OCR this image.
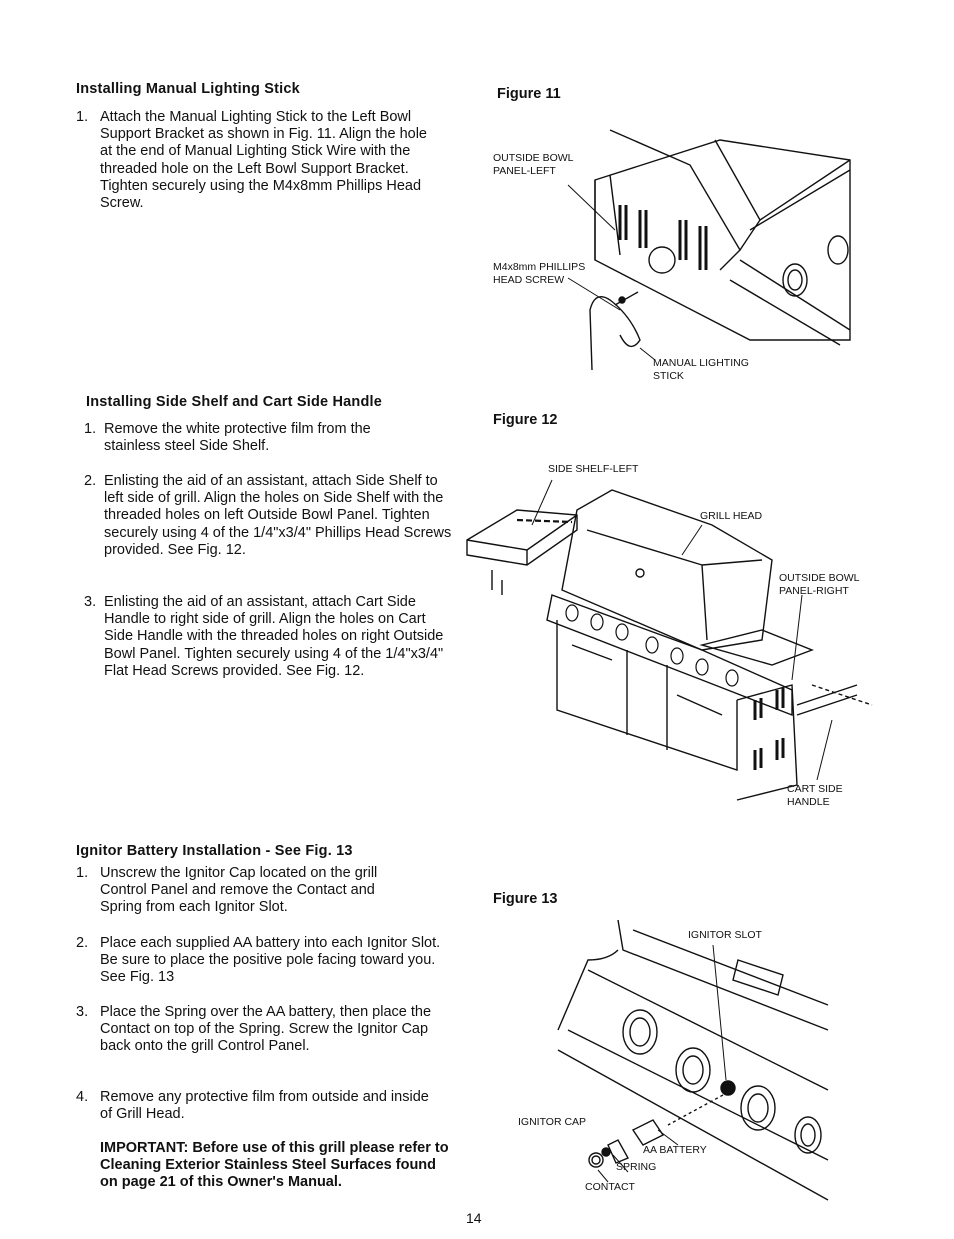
Installing Manual Lighting Stick
1. Attach the Manual Lighting Stick to the Left Bowl Support Bracket as shown in Fig. 11. Align the hole at the end of Manual Lighting Stick Wire with the threaded hole on the Left Bowl Support Bracket. Tighten securely using the M4x8mm Phillips Head Screw.
Installing Side Shelf and Cart Side Handle
1. Remove the white protective film from the stainless steel Side Shelf.
2. Enlisting the aid of an assistant, attach Side Shelf to left side of grill. Align the holes on Side Shelf with the threaded holes on left Outside Bowl Panel. Tighten securely using 4 of the 1/4"x3/4" Phillips Head Screws provided. See Fig. 12.
3. Enlisting the aid of an assistant, attach Cart Side Handle to right side of grill. Align the holes on Cart Side Handle with the threaded holes on right Outside Bowl Panel. Tighten securely using 4 of the 1/4"x3/4" Flat Head Screws provided. See Fig. 12.
Ignitor Battery Installation - See Fig. 13
1. Unscrew the Ignitor Cap located on the grill Control Panel and remove the Contact and Spring from each Ignitor Slot.
2. Place each supplied AA battery into each Ignitor Slot. Be sure to place the positive pole facing toward you. See Fig. 13
3. Place the Spring over the AA battery, then place the Contact on top of the Spring. Screw the Ignitor Cap back onto the grill Control Panel.
4. Remove any protective film from outside and inside of Grill Head.
IMPORTANT: Before use of this grill please refer to Cleaning Exterior Stainless Steel Surfaces found on page 21 of this Owner's Manual.
14
Figure 11
OUTSIDE BOWL PANEL-LEFT
M4x8mm PHILLIPS HEAD SCREW
MANUAL LIGHTING STICK
Figure 12
SIDE SHELF-LEFT
GRILL HEAD
OUTSIDE BOWL PANEL-RIGHT
CART SIDE HANDLE
Figure 13
IGNITOR SLOT
IGNITOR CAP
AA BATTERY
SPRING
CONTACT
